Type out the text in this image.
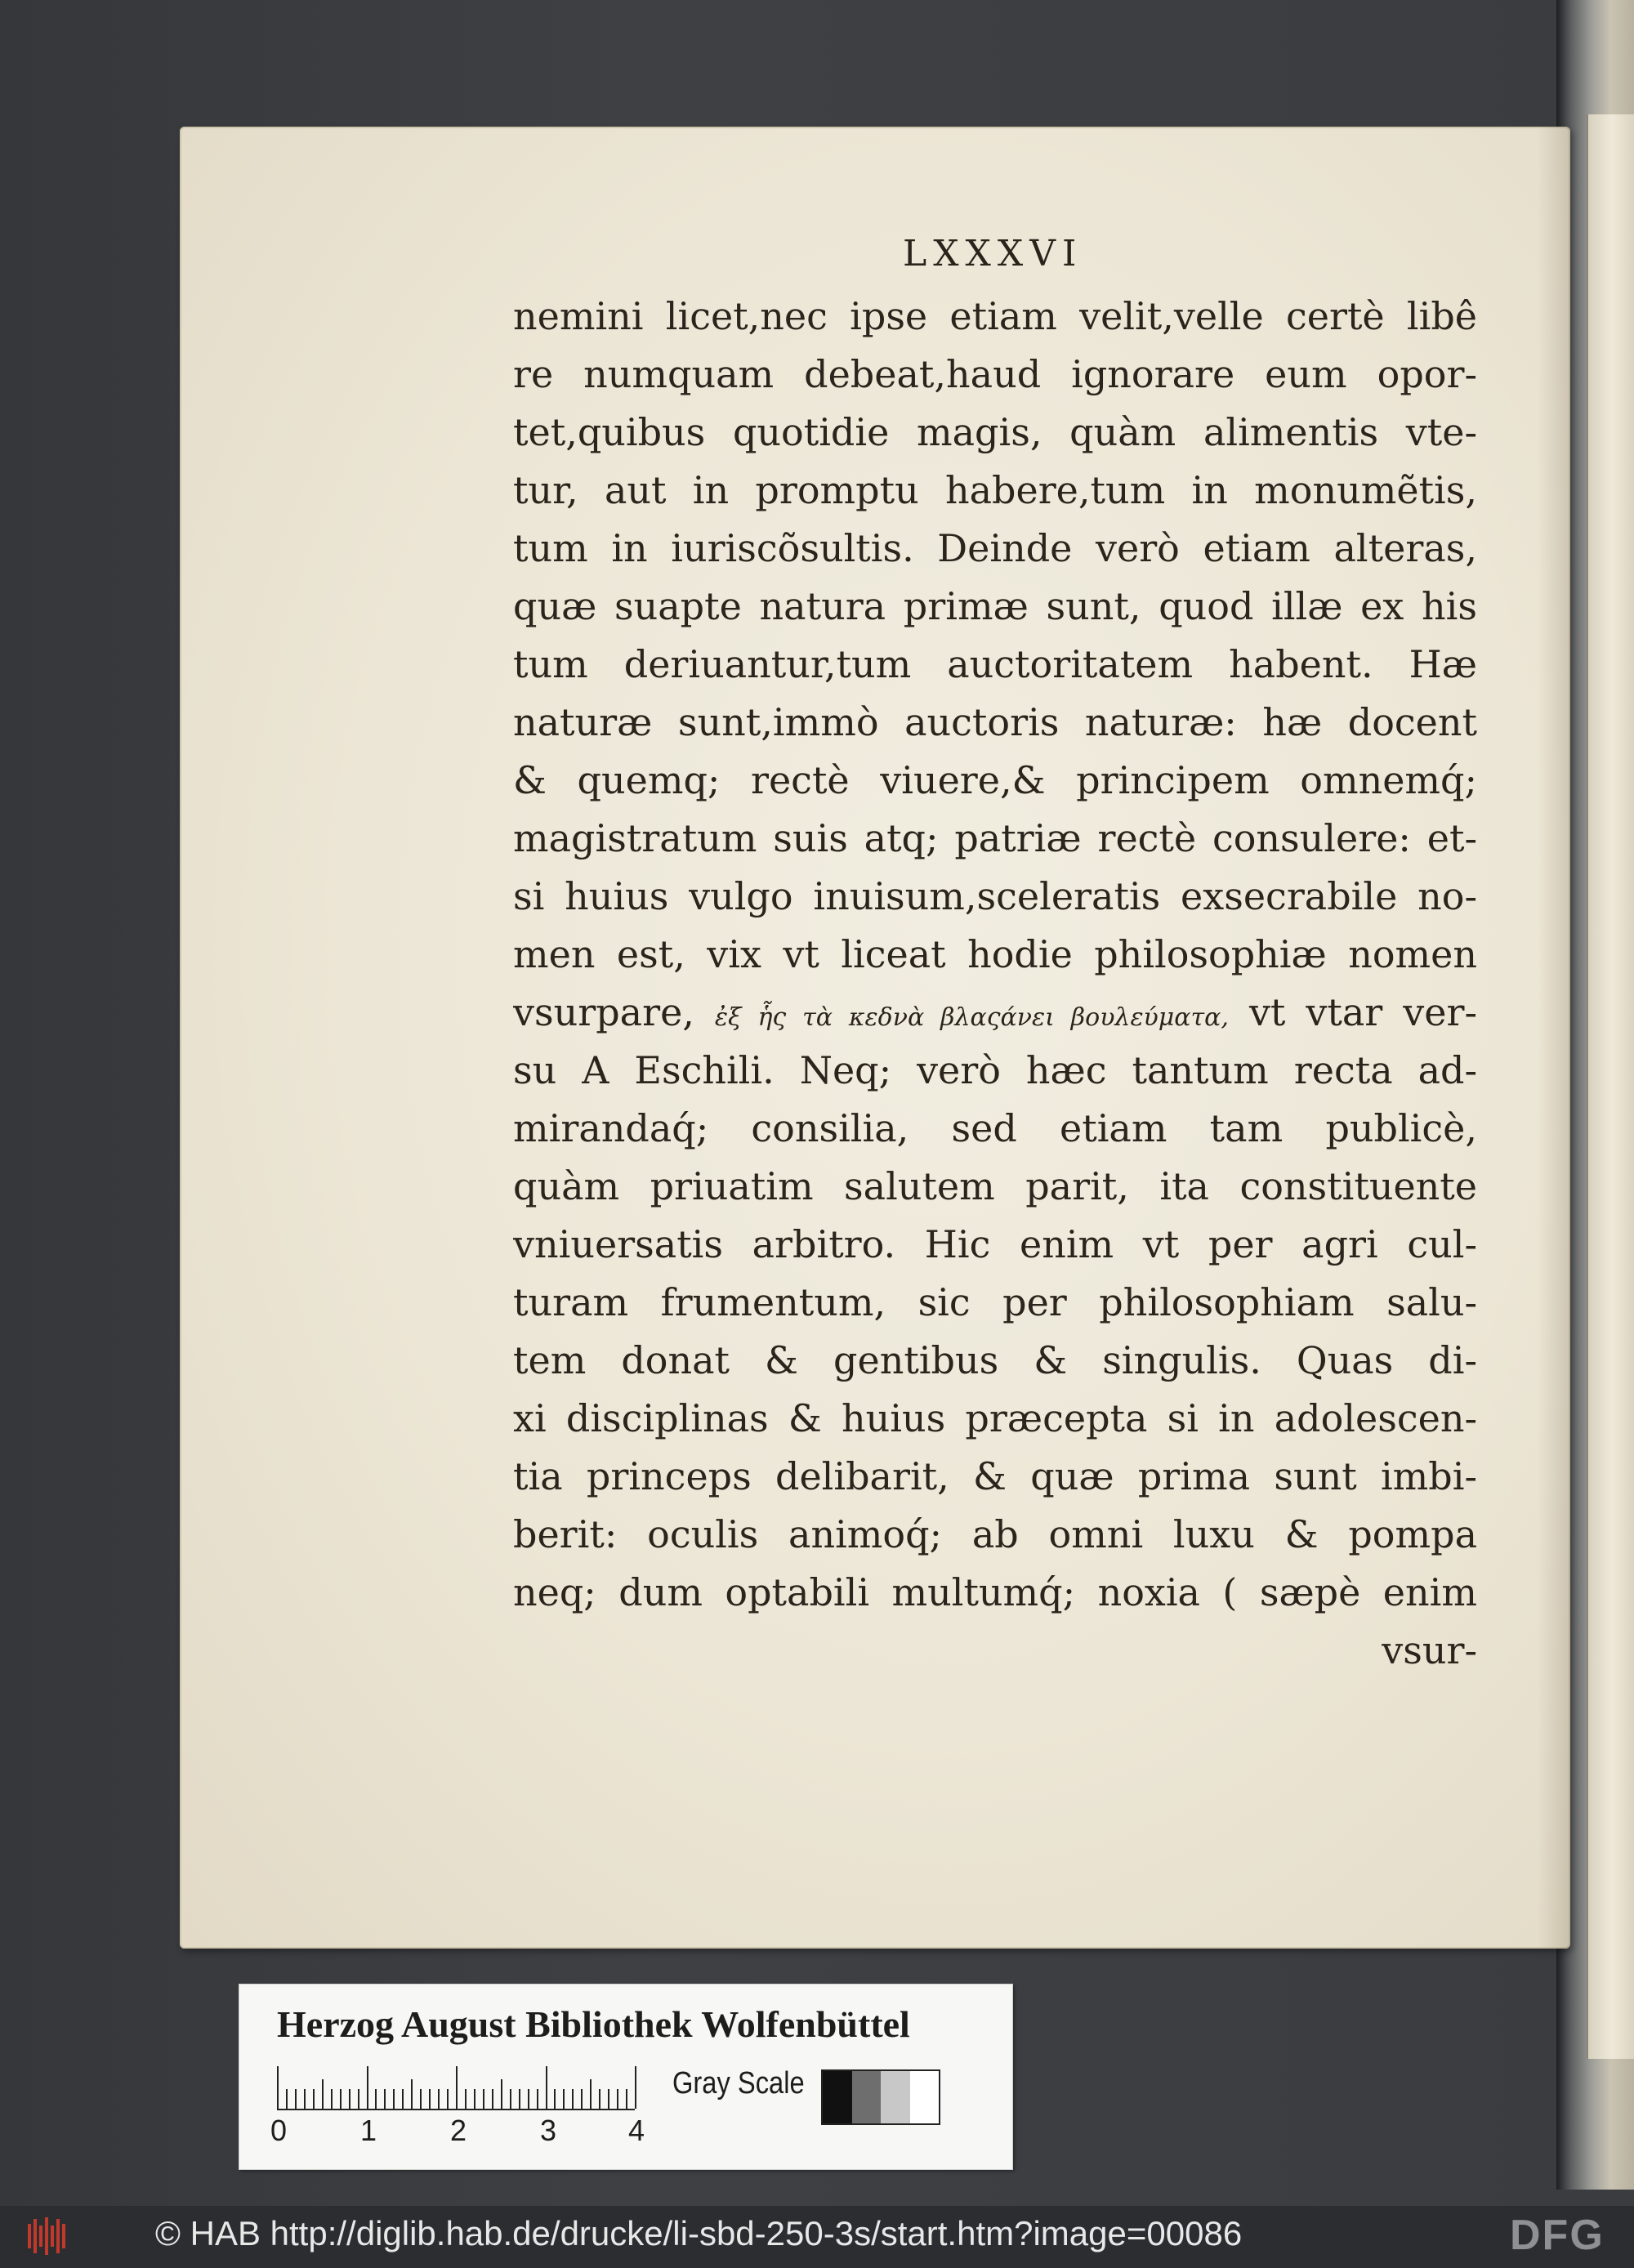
LXXXVI
nemini licet,nec ipse etiam velit,velle certè libê
re numquam debeat,haud ignorare eum opor-
tet,quibus quotidie magis, quàm alimentis vte-
tur, aut in promptu habere,tum in monumẽtis,
tum in iuriscõsultis. Deinde verò etiam alteras,
quæ suapte natura primæ sunt, quod illæ ex his
tum deriuantur,tum auctoritatem habent. Hæ
naturæ sunt,immò auctoris naturæ: hæ docent
& quemq; rectè viuere,& principem omnemq́;
magistratum suis atq; patriæ rectè consulere: et-
si huius vulgo inuisum,sceleratis exsecrabile no-
men est, vix vt liceat hodie philosophiæ nomen
vsurpare, ἐξ ἧς τὰ κεδνὰ βλαςάνει βουλεύματα, vt vtar ver-
su A Eschili. Neq; verò hæc tantum recta ad-
mirandaq́; consilia, sed etiam tam publicè,
quàm priuatim salutem parit, ita constituente
vniuersatis arbitro. Hic enim vt per agri cul-
turam frumentum, sic per philosophiam salu-
tem donat & gentibus & singulis. Quas di-
xi disciplinas & huius præcepta si in adolescen-
tia princeps delibarit, & quæ prima sunt imbi-
berit: oculis animoq́; ab omni luxu & pompa
neq; dum optabili multumq́; noxia ( sæpè enim
vsur-
Herzog August Bibliothek Wolfenbüttel
0 1 2 3 4
Gray Scale
© HAB http://diglib.hab.de/drucke/li-sbd-250-3s/start.htm?image=00086	DFG
